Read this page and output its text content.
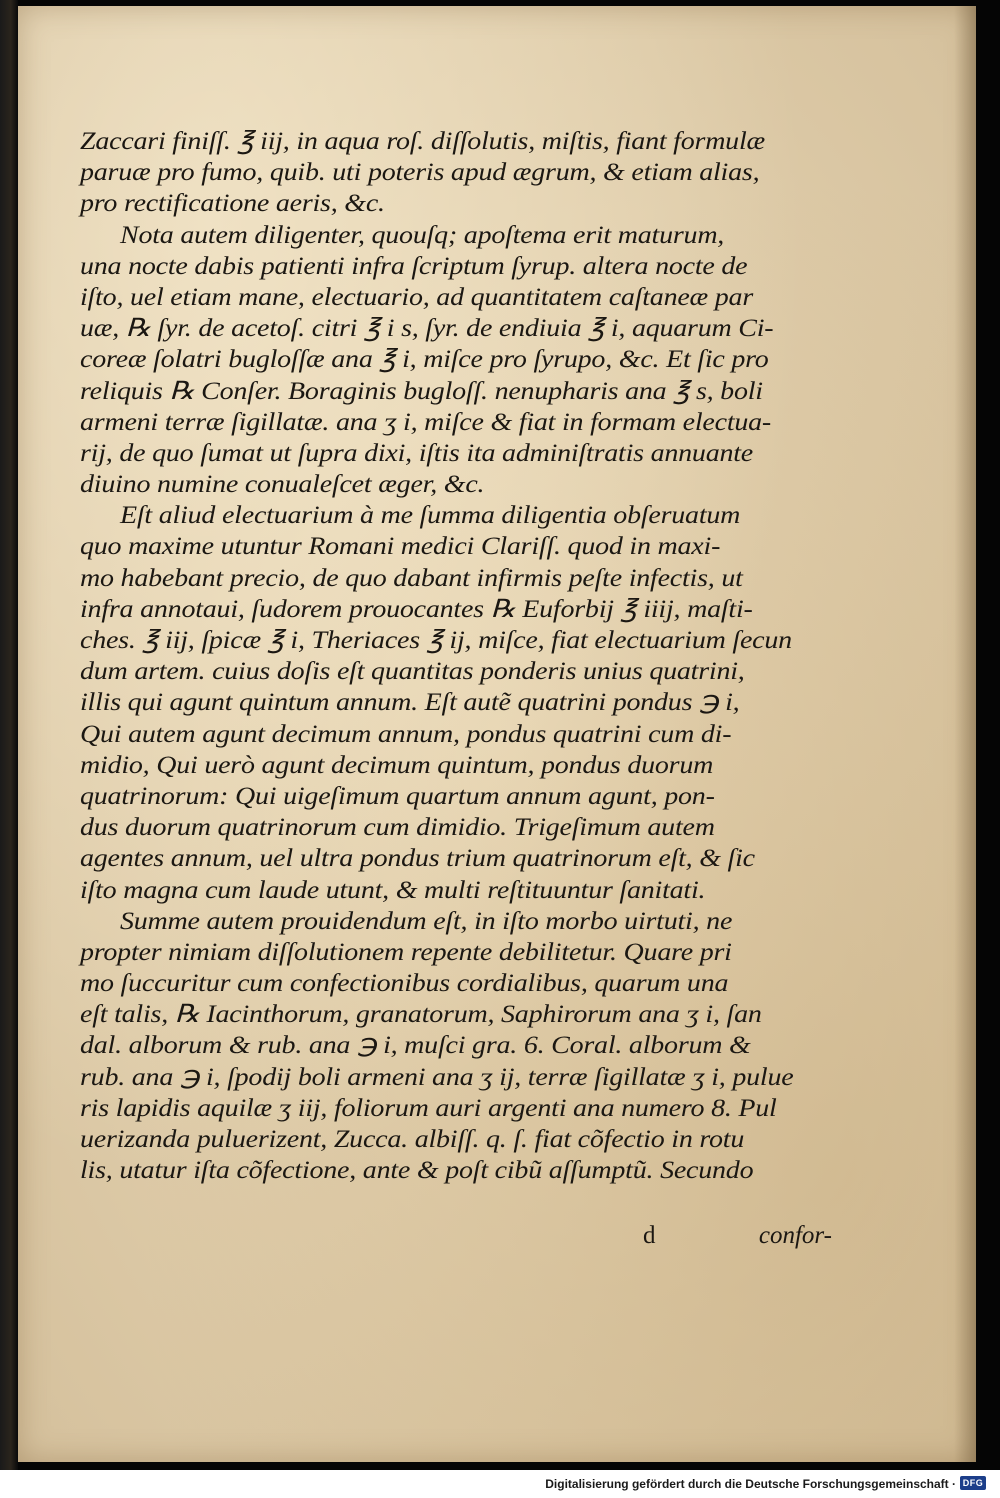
Zaccari finiſſ. ℥ iij, in aqua roſ. diſſolutis, miſtis, fiant formulæ
paruæ pro fumo, quib. uti poteris apud ægrum, & etiam alias,
pro rectificatione aeris, &c.
Nota autem diligenter, quouſq; apoſtema erit maturum,
una nocte dabis patienti infra ſcriptum ſyrup. altera nocte de
iſto, uel etiam mane, electuario, ad quantitatem caſtaneæ par
uæ, ℞ ſyr. de acetoſ. citri ℥ i s, ſyr. de endiuia ℥ i, aquarum Ci-
coreæ ſolatri bugloſſæ ana ℥ i, miſce pro ſyrupo, &c. Et ſic pro
reliquis ℞ Conſer. Boraginis bugloſſ. nenupharis ana ℥ s, boli
armeni terræ ſigillatæ. ana ʒ i, miſce & fiat in formam electua-
rij, de quo ſumat ut ſupra dixi, iſtis ita adminiſtratis annuante
diuino numine conualeſcet æger, &c.
Eſt aliud electuarium à me ſumma diligentia obſeruatum
quo maxime utuntur Romani medici Clariſſ. quod in maxi-
mo habebant precio, de quo dabant infirmis peſte infectis, ut
infra annotaui, ſudorem prouocantes ℞ Euforbij ℥ iiij, maſti-
ches. ℥ iij, ſpicæ ℥ i, Theriaces ℥ ij, miſce, fiat electuarium ſecun
dum artem. cuius doſis eſt quantitas ponderis unius quatrini,
illis qui agunt quintum annum. Eſt autẽ quatrini pondus ℈ i,
Qui autem agunt decimum annum, pondus quatrini cum di-
midio, Qui uerò agunt decimum quintum, pondus duorum
quatrinorum: Qui uigeſimum quartum annum agunt, pon-
dus duorum quatrinorum cum dimidio. Trigeſimum autem
agentes annum, uel ultra pondus trium quatrinorum eſt, & ſic
iſto magna cum laude utunt, & multi reſtituuntur ſanitati.
Summe autem prouidendum eſt, in iſto morbo uirtuti, ne
propter nimiam diſſolutionem repente debilitetur. Quare pri
mo ſuccuritur cum confectionibus cordialibus, quarum una
eſt talis, ℞ Iacinthorum, granatorum, Saphirorum ana ʒ i, ſan
dal. alborum & rub. ana ℈ i, muſci gra. 6. Coral. alborum &
rub. ana ℈ i, ſpodij boli armeni ana ʒ ij, terræ ſigillatæ ʒ i, pulue
ris lapidis aquilæ ʒ iij, foliorum auri argenti ana numero 8. Pul
uerizanda puluerizent, Zucca. albiſſ. q. ſ. fiat cõfectio in rotu
lis, utatur iſta cõfectione, ante & poſt cibũ aſſumptũ. Secundo
d	confor-
Digitalisierung gefördert durch die Deutsche Forschungsgemeinschaft · DFG
